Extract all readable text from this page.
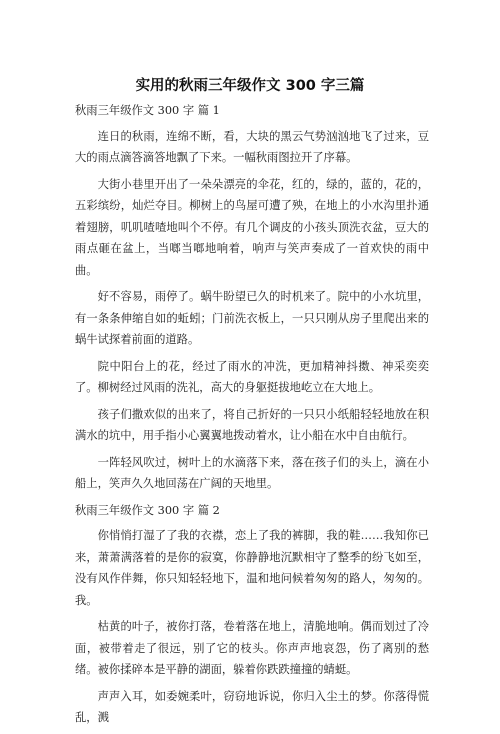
实用的秋雨三年级作文 300 字三篇

秋雨三年级作文 300 字 篇 1

连日的秋雨，连绵不断，看，大块的黑云气势汹汹地飞了过来，豆大的雨点滴答滴答地飘了下来。一幅秋雨图拉开了序幕。

大街小巷里开出了一朵朵漂亮的伞花，红的，绿的，蓝的，花的，五彩缤纷，灿烂夺目。柳树上的鸟屋可遭了殃，在地上的小水沟里扑通着翅膀，叽叽喳喳地叫个不停。有几个调皮的小孩头顶洗衣盆，豆大的雨点砸在盆上，当啷当啷地响着，响声与笑声奏成了一首欢快的雨中曲。

好不容易，雨停了。蜗牛盼望已久的时机来了。院中的小水坑里，有一条条伸缩自如的蚯蚓；门前洗衣板上，一只只刚从房子里爬出来的蜗牛试探着前面的道路。

院中阳台上的花，经过了雨水的冲洗，更加精神抖擞、神采奕奕了。柳树经过风雨的洗礼，高大的身躯挺拔地屹立在大地上。

孩子们撒欢似的出来了，将自己折好的一只只小纸船轻轻地放在积满水的坑中，用手指小心翼翼地拨动着水，让小船在水中自由航行。

一阵轻风吹过，树叶上的水滴落下来，落在孩子们的头上，滴在小船上，笑声久久地回荡在广阔的天地里。

秋雨三年级作文 300 字 篇 2

你悄悄打湿了了我的衣襟，恋上了我的裤脚，我的鞋……我知你已来，萧萧满落着的是你的寂寞，你静静地沉默相守了整季的纷飞如至，没有风作伴舞，你只知轻轻地下，温和地问候着匆匆的路人，匆匆的。我。

枯黄的叶子，被你打落，卷着落在地上，清脆地响。偶而划过了冷面，被带着走了很远，别了它的枝头。你声声地哀怨，伤了离别的愁绪。被你揉碎本是平静的湖面，躲着你跌跌撞撞的蜻蜓。

声声入耳，如委婉柔叶，窃窃地诉说，你归入尘土的梦。你落得慌乱，溅
